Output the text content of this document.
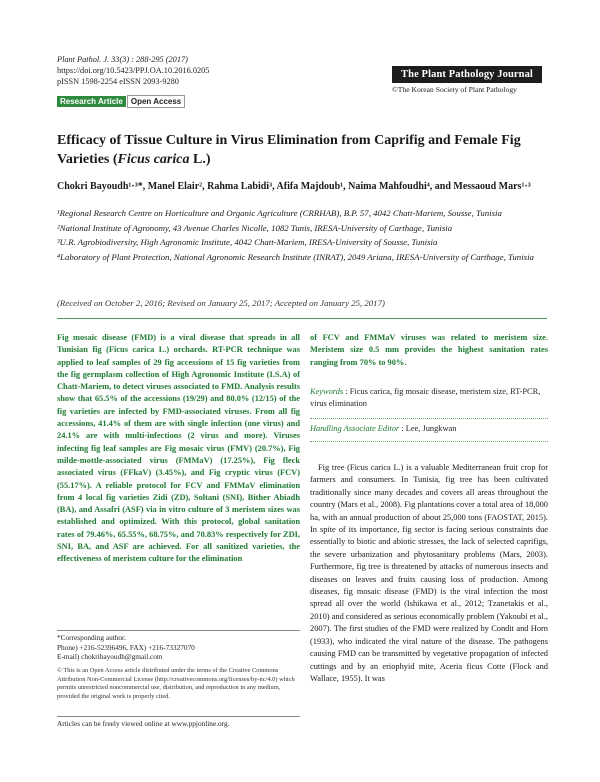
Plant Pathol. J. 33(3) : 288-295 (2017)
https://doi.org/10.5423/PPJ.OA.10.2016.0205
pISSN 1598-2254 eISSN 2093-9280
The Plant Pathology Journal
©The Korean Society of Plant Pathology
Research Article Open Access
Efficacy of Tissue Culture in Virus Elimination from Caprifig and Female Fig Varieties (Ficus carica L.)
Chokri Bayoudh¹·³*, Manel Elair², Rahma Labidi³, Afifa Majdoub¹, Naima Mahfoudhi⁴, and Messaoud Mars¹·³

¹Regional Research Centre on Horticulture and Organic Agriculture (CRRHAB), B.P. 57, 4042 Chatt-Mariem, Sousse, Tunisia

²National Institute of Agronomy, 43 Avenue Charles Nicolle, 1082 Tunis, IRESA-University of Carthage, Tunisia

³U.R. Agrobiodiversity, High Agronomic Institute, 4042 Chatt-Mariem, IRESA-University of Sousse, Tunisia

⁴Laboratory of Plant Protection, National Agronomic Research Institute (INRAT), 2049 Ariana, IRESA-University of Carthage, Tunisia

(Received on October 2, 2016; Revised on January 25, 2017; Accepted on January 25, 2017)
Fig mosaic disease (FMD) is a viral disease that spreads in all Tunisian fig (Ficus carica L.) orchards. RT-PCR technique was applied to leaf samples of 29 fig accessions of 15 fig varieties from the fig germplasm collection of High Agronomic Institute (I.S.A) of Chatt-Mariem, to detect viruses associated to FMD. Analysis results show that 65.5% of the accessions (19/29) and 80.0% (12/15) of the fig varieties are infected by FMD-associated viruses. From all fig accessions, 41.4% of them are with single infection (one virus) and 24.1% are with multi-infections (2 virus and more). Viruses infecting fig leaf samples are Fig mosaic virus (FMV) (20.7%), Fig mildе-mottle-associated virus (FMMaV) (17.25%), Fig fleck associated virus (FFkaV) (3.45%), and Fig cryptic virus (FCV) (55.17%). A reliable protocol for FCV and FMMaV elimination from 4 local fig varieties Zidi (ZD), Soltani (SNI), Bither Abiadh (BA), and Assafri (ASF) via in vitro culture of 3 meristem sizes was established and optimized. With this protocol, global sanitation rates of 79.46%, 65.55%, 68.75%, and 70.83% respectively for ZDI, SNI, BA, and ASF are achieved. For all sanitized varieties, the effectiveness of meristem culture for the elimination
of FCV and FMMaV viruses was related to meristem size. Meristem size 0.5 mm provides the highest sanitation rates ranging from 70% to 90%.
Keywords : Ficus carica, fig mosaic disease, meristem size, RT-PCR, virus elimination
Handling Associate Editor : Lee, Jungkwan

Fig tree (Ficus carica L.) is a valuable Mediterranean fruit crop for farmers and consumers. In Tunisia, fig tree has been cultivated traditionally since many decades and covers all areas throughout the country (Mars et al., 2008). Fig plantations cover a total area of 18,000 ha, with an annual production of about 25,000 tons (FAOSTAT, 2015). In spite of its importance, fig sector is facing serious constraints due essentially to biotic and abiotic stresses, the lack of selected caprifigs, the severe urbanization and phytosanitary problems (Mars, 2003). Furthermore, fig tree is threatened by attacks of numerous insects and diseases on leaves and fruits causing loss of production. Among diseases, fig mosaic disease (FMD) is the viral infection the most spread all over the world (Ishikawa et al., 2012; Tzanetakis et al., 2010) and considered as serious economically problem (Yakoubi et al., 2007). The first studies of the FMD were realized by Condit and Horn (1933), who indicated the viral nature of the disease. The pathogens causing FMD can be transmitted by vegetative propagation of infected cuttings and by an eriophyid mite, Aceria ficus Cotte (Flock and Wallace, 1955). It was

*Corresponding author.

Phone) +216-52396496, FAX) +216-73327070

E-mail) chokribayoudh@gmail.com

© This is an Open Access article distributed under the terms of the Creative Commons Attribution Non-Commercial License (http://creativecommons.org/licenses/by-nc/4.0) which permits unrestricted noncommercial use, distribution, and reproduction in any medium, provided the original work is properly cited.
Articles can be freely viewed online at www.ppjonline.org.
